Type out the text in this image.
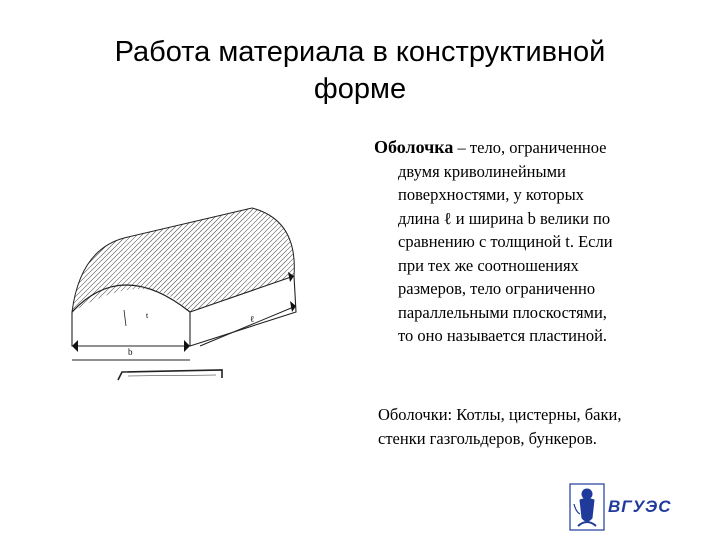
Работа материала в конструктивной
форме
b
ℓ
t

Оболочка – тело, ограниченное
двумя криволинейными
поверхностями, у которых
длина ℓ и ширина b велики по
сравнению с толщиной t. Если
при тех же соотношениях
размеров, тело ограниченно
параллельными плоскостями,
то оно называется пластиной.

Оболочки: Котлы, цистерны, баки,
стенки газгольдеров, бункеров.

ВГУЭС
